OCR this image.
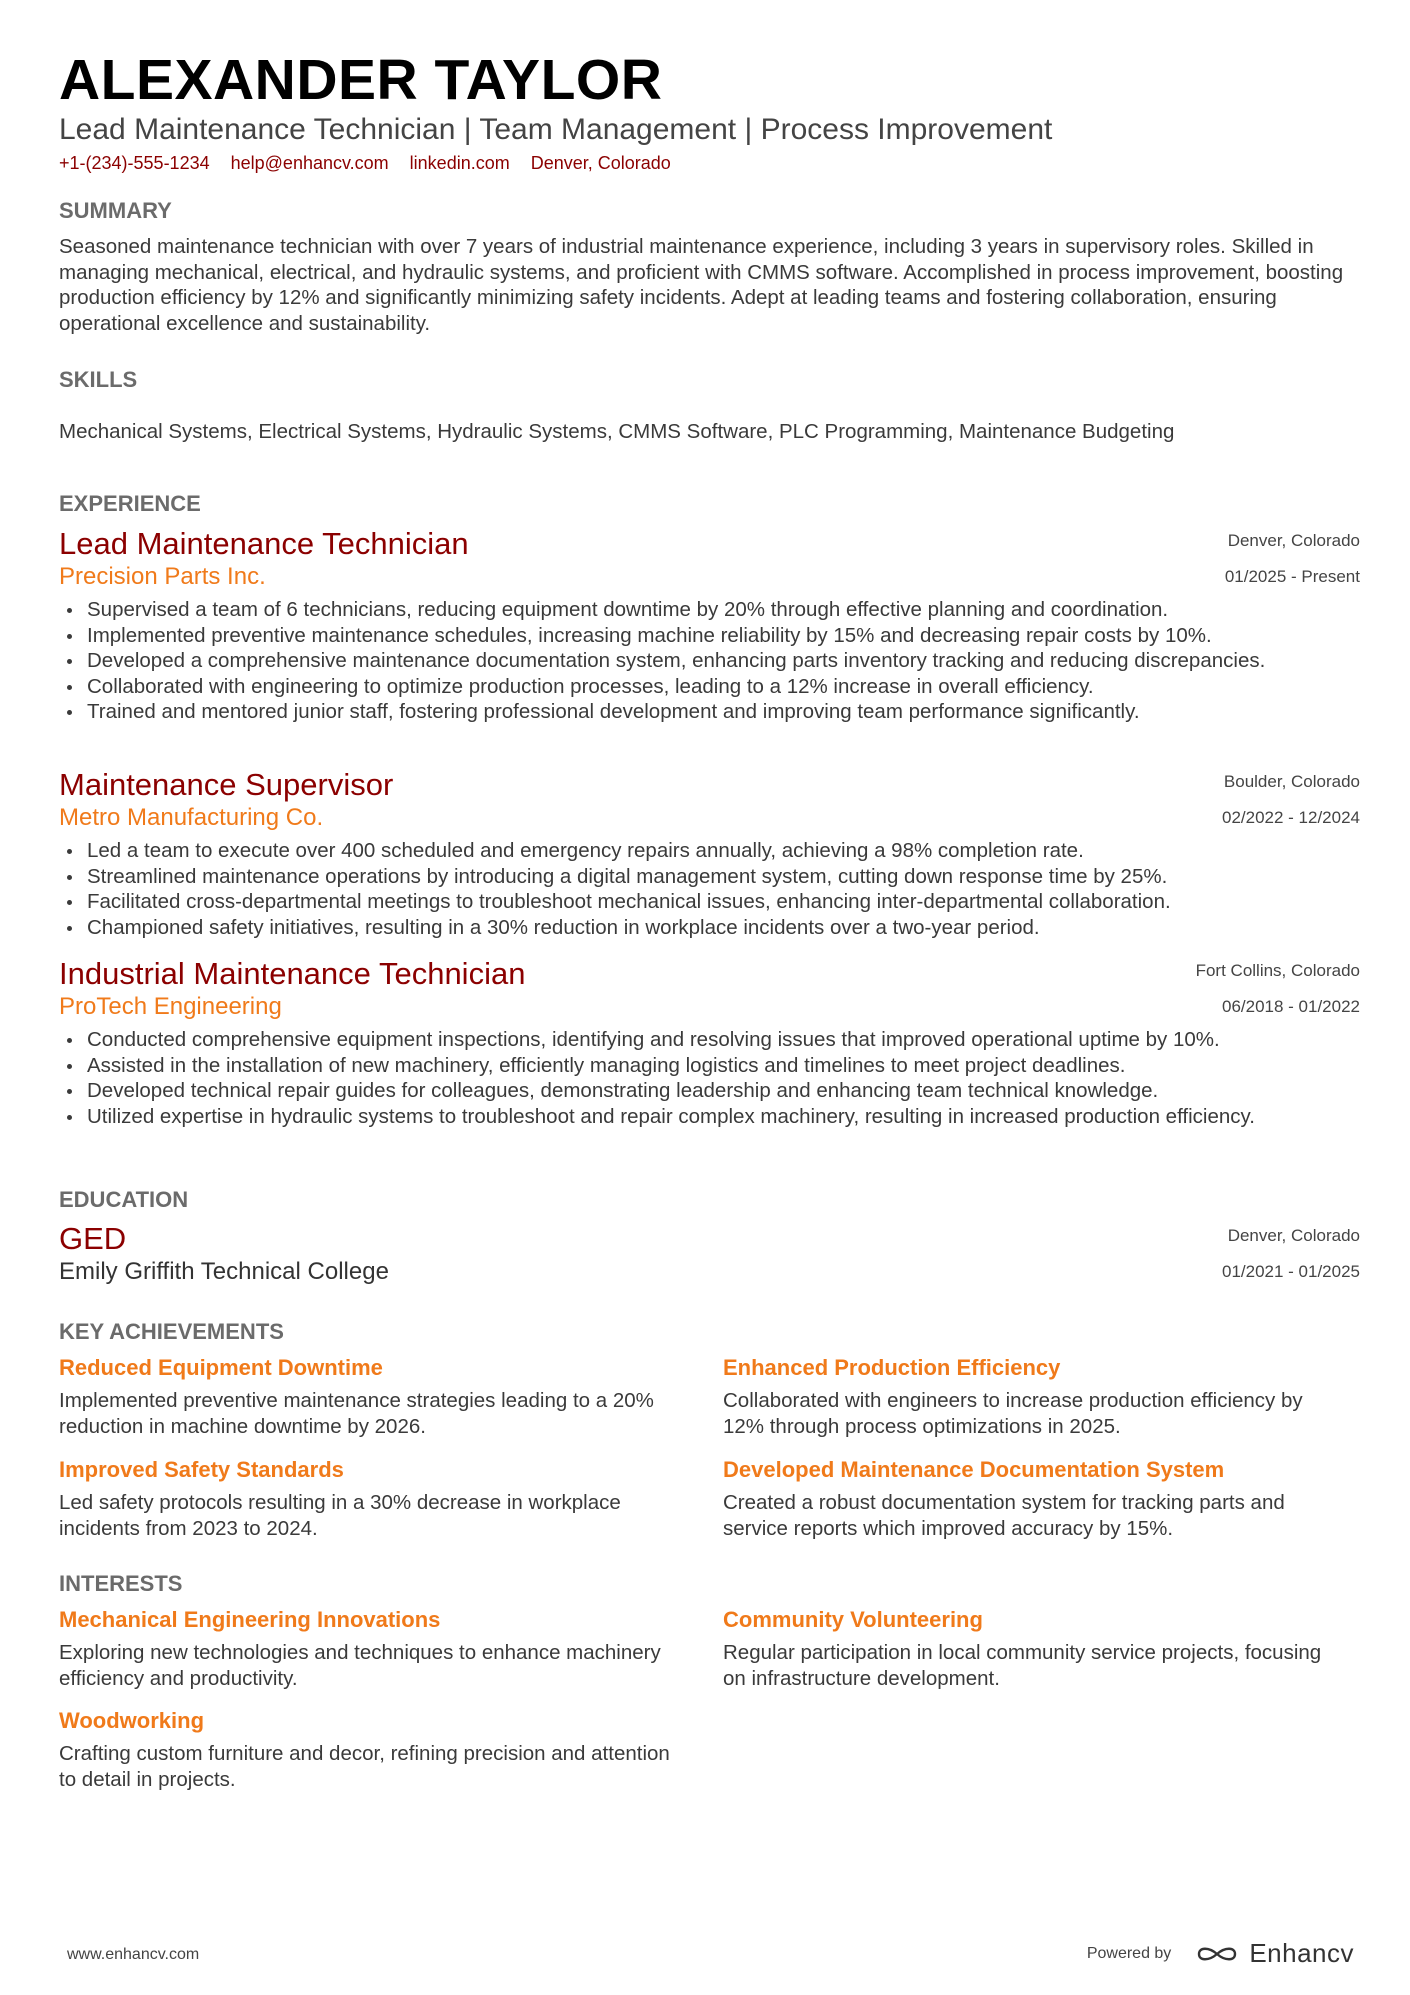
ALEXANDER TAYLOR
Lead Maintenance Technician | Team Management | Process Improvement
+1-(234)-555-1234 help@enhancv.com linkedin.com Denver, Colorado
SUMMARY

Seasoned maintenance technician with over 7 years of industrial maintenance experience, including 3 years in supervisory roles. Skilled in managing mechanical, electrical, and hydraulic systems, and proficient with CMMS software. Accomplished in process improvement, boosting production efficiency by 12% and significantly minimizing safety incidents. Adept at leading teams and fostering collaboration, ensuring operational excellence and sustainability.

SKILLS

Mechanical Systems, Electrical Systems, Hydraulic Systems, CMMS Software, PLC Programming, Maintenance Budgeting

EXPERIENCE
Lead Maintenance Technician
Precision Parts Inc.
Denver, Colorado
01/2025 - Present
Supervised a team of 6 technicians, reducing equipment downtime by 20% through effective planning and coordination.
Implemented preventive maintenance schedules, increasing machine reliability by 15% and decreasing repair costs by 10%.
Developed a comprehensive maintenance documentation system, enhancing parts inventory tracking and reducing discrepancies.
Collaborated with engineering to optimize production processes, leading to a 12% increase in overall efficiency.
Trained and mentored junior staff, fostering professional development and improving team performance significantly.
Maintenance Supervisor
Metro Manufacturing Co.
Boulder, Colorado
02/2022 - 12/2024
Led a team to execute over 400 scheduled and emergency repairs annually, achieving a 98% completion rate.
Streamlined maintenance operations by introducing a digital management system, cutting down response time by 25%.
Facilitated cross-departmental meetings to troubleshoot mechanical issues, enhancing inter-departmental collaboration.
Championed safety initiatives, resulting in a 30% reduction in workplace incidents over a two-year period.
Industrial Maintenance Technician
ProTech Engineering
Fort Collins, Colorado
06/2018 - 01/2022
Conducted comprehensive equipment inspections, identifying and resolving issues that improved operational uptime by 10%.
Assisted in the installation of new machinery, efficiently managing logistics and timelines to meet project deadlines.
Developed technical repair guides for colleagues, demonstrating leadership and enhancing team technical knowledge.
Utilized expertise in hydraulic systems to troubleshoot and repair complex machinery, resulting in increased production efficiency.
EDUCATION
GED
Emily Griffith Technical College
Denver, Colorado
01/2021 - 01/2025
KEY ACHIEVEMENTS
Reduced Equipment Downtime
Implemented preventive maintenance strategies leading to a 20% reduction in machine downtime by 2026.
Enhanced Production Efficiency
Collaborated with engineers to increase production efficiency by 12% through process optimizations in 2025.
Improved Safety Standards
Led safety protocols resulting in a 30% decrease in workplace incidents from 2023 to 2024.
Developed Maintenance Documentation System
Created a robust documentation system for tracking parts and service reports which improved accuracy by 15%.
INTERESTS
Mechanical Engineering Innovations
Exploring new technologies and techniques to enhance machinery efficiency and productivity.
Community Volunteering
Regular participation in local community service projects, focusing on infrastructure development.
Woodworking
Crafting custom furniture and decor, refining precision and attention to detail in projects.
www.enhancv.com	Powered by	Enhancv
